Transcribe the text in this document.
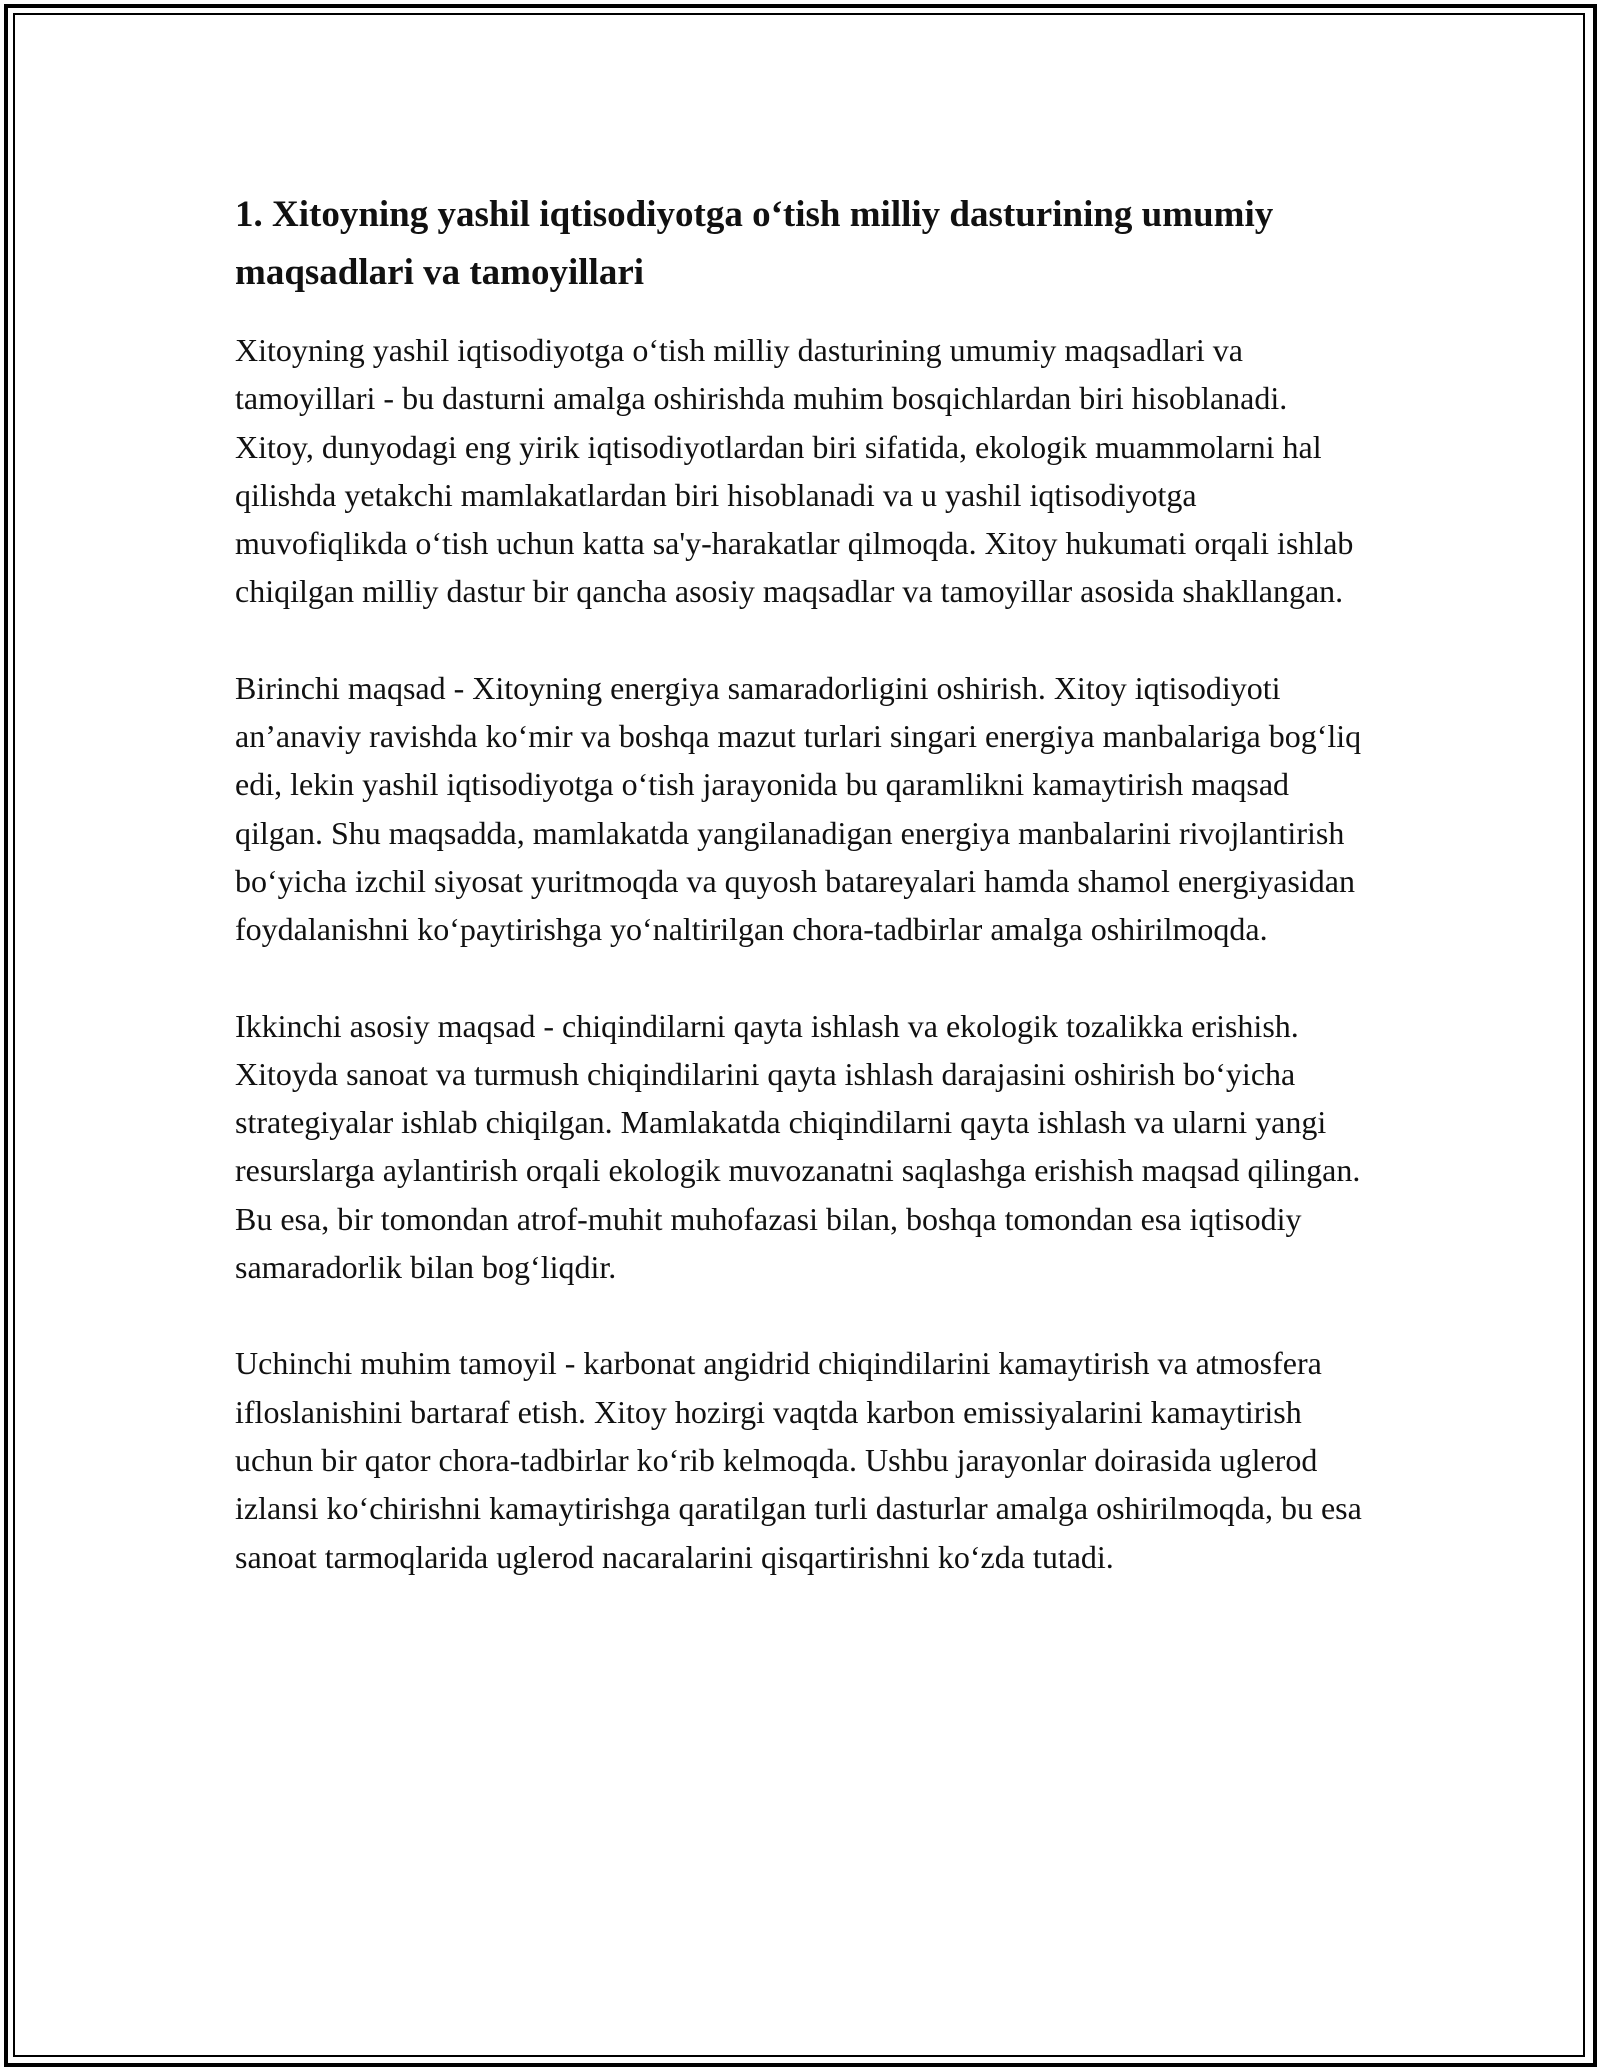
1. Xitoyning yashil iqtisodiyotga o‘tish milliy dasturining umumiy maqsadlari va tamoyillari

Xitoyning yashil iqtisodiyotga o‘tish milliy dasturining umumiy maqsadlari va tamoyillari - bu dasturni amalga oshirishda muhim bosqichlardan biri hisoblanadi. Xitoy, dunyodagi eng yirik iqtisodiyotlardan biri sifatida, ekologik muammolarni hal qilishda yetakchi mamlakatlardan biri hisoblanadi va u yashil iqtisodiyotga muvofiqlikda o‘tish uchun katta sa'y-harakatlar qilmoqda. Xitoy hukumati orqali ishlab chiqilgan milliy dastur bir qancha asosiy maqsadlar va tamoyillar asosida shakllangan.

Birinchi maqsad - Xitoyning energiya samaradorligini oshirish. Xitoy iqtisodiyoti an’anaviy ravishda ko‘mir va boshqa mazut turlari singari energiya manbalariga bog‘liq edi, lekin yashil iqtisodiyotga o‘tish jarayonida bu qaramlikni kamaytirish maqsad qilgan. Shu maqsadda, mamlakatda yangilanadigan energiya manbalarini rivojlantirish bo‘yicha izchil siyosat yuritmoqda va quyosh batareyalari hamda shamol energiyasidan foydalanishni ko‘paytirishga yo‘naltirilgan chora-tadbirlar amalga oshirilmoqda.

Ikkinchi asosiy maqsad - chiqindilarni qayta ishlash va ekologik tozalikka erishish. Xitoyda sanoat va turmush chiqindilarini qayta ishlash darajasini oshirish bo‘yicha strategiyalar ishlab chiqilgan. Mamlakatda chiqindilarni qayta ishlash va ularni yangi resurslarga aylantirish orqali ekologik muvozanatni saqlashga erishish maqsad qilingan. Bu esa, bir tomondan atrof-muhit muhofazasi bilan, boshqa tomondan esa iqtisodiy samaradorlik bilan bog‘liqdir.

Uchinchi muhim tamoyil - karbonat angidrid chiqindilarini kamaytirish va atmosfera ifloslanishini bartaraf etish. Xitoy hozirgi vaqtda karbon emissiyalarini kamaytirish uchun bir qator chora-tadbirlar ko‘rib kelmoqda. Ushbu jarayonlar doirasida uglerod izlansi ko‘chirishni kamaytirishga qaratilgan turli dasturlar amalga oshirilmoqda, bu esa sanoat tarmoqlarida uglerod nacaralarini qisqartirishni ko‘zda tutadi.
